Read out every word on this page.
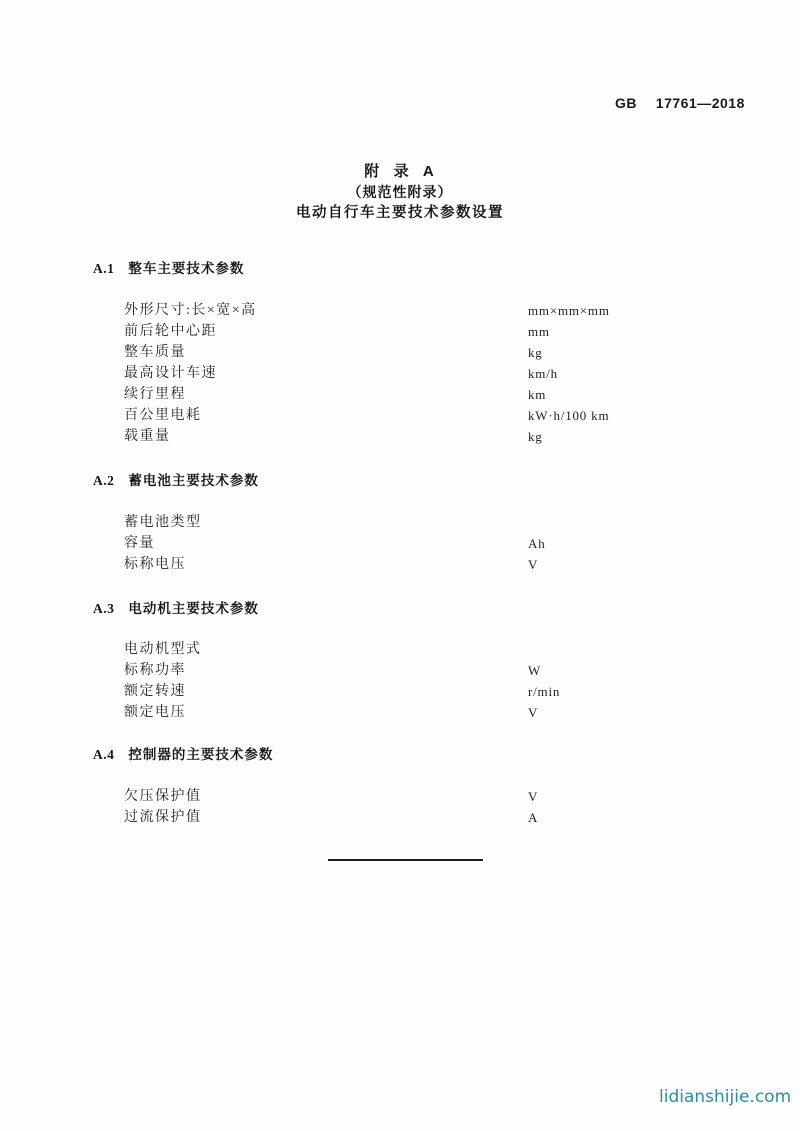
GB  17761—2018
附  录  A
（规范性附录）
电动自行车主要技术参数设置
A.1 整车主要技术参数
外形尺寸:长×宽×高	mm×mm×mm
前后轮中心距	mm
整车质量	kg
最高设计车速	km/h
续行里程	km
百公里电耗	kW·h/100 km
载重量	kg
A.2 蓄电池主要技术参数
蓄电池类型
容量	Ah
标称电压	V
A.3 电动机主要技术参数
电动机型式
标称功率	W
额定转速	r/min
额定电压	V
A.4 控制器的主要技术参数
欠压保护值	V
过流保护值	A
lidianshijie.com
